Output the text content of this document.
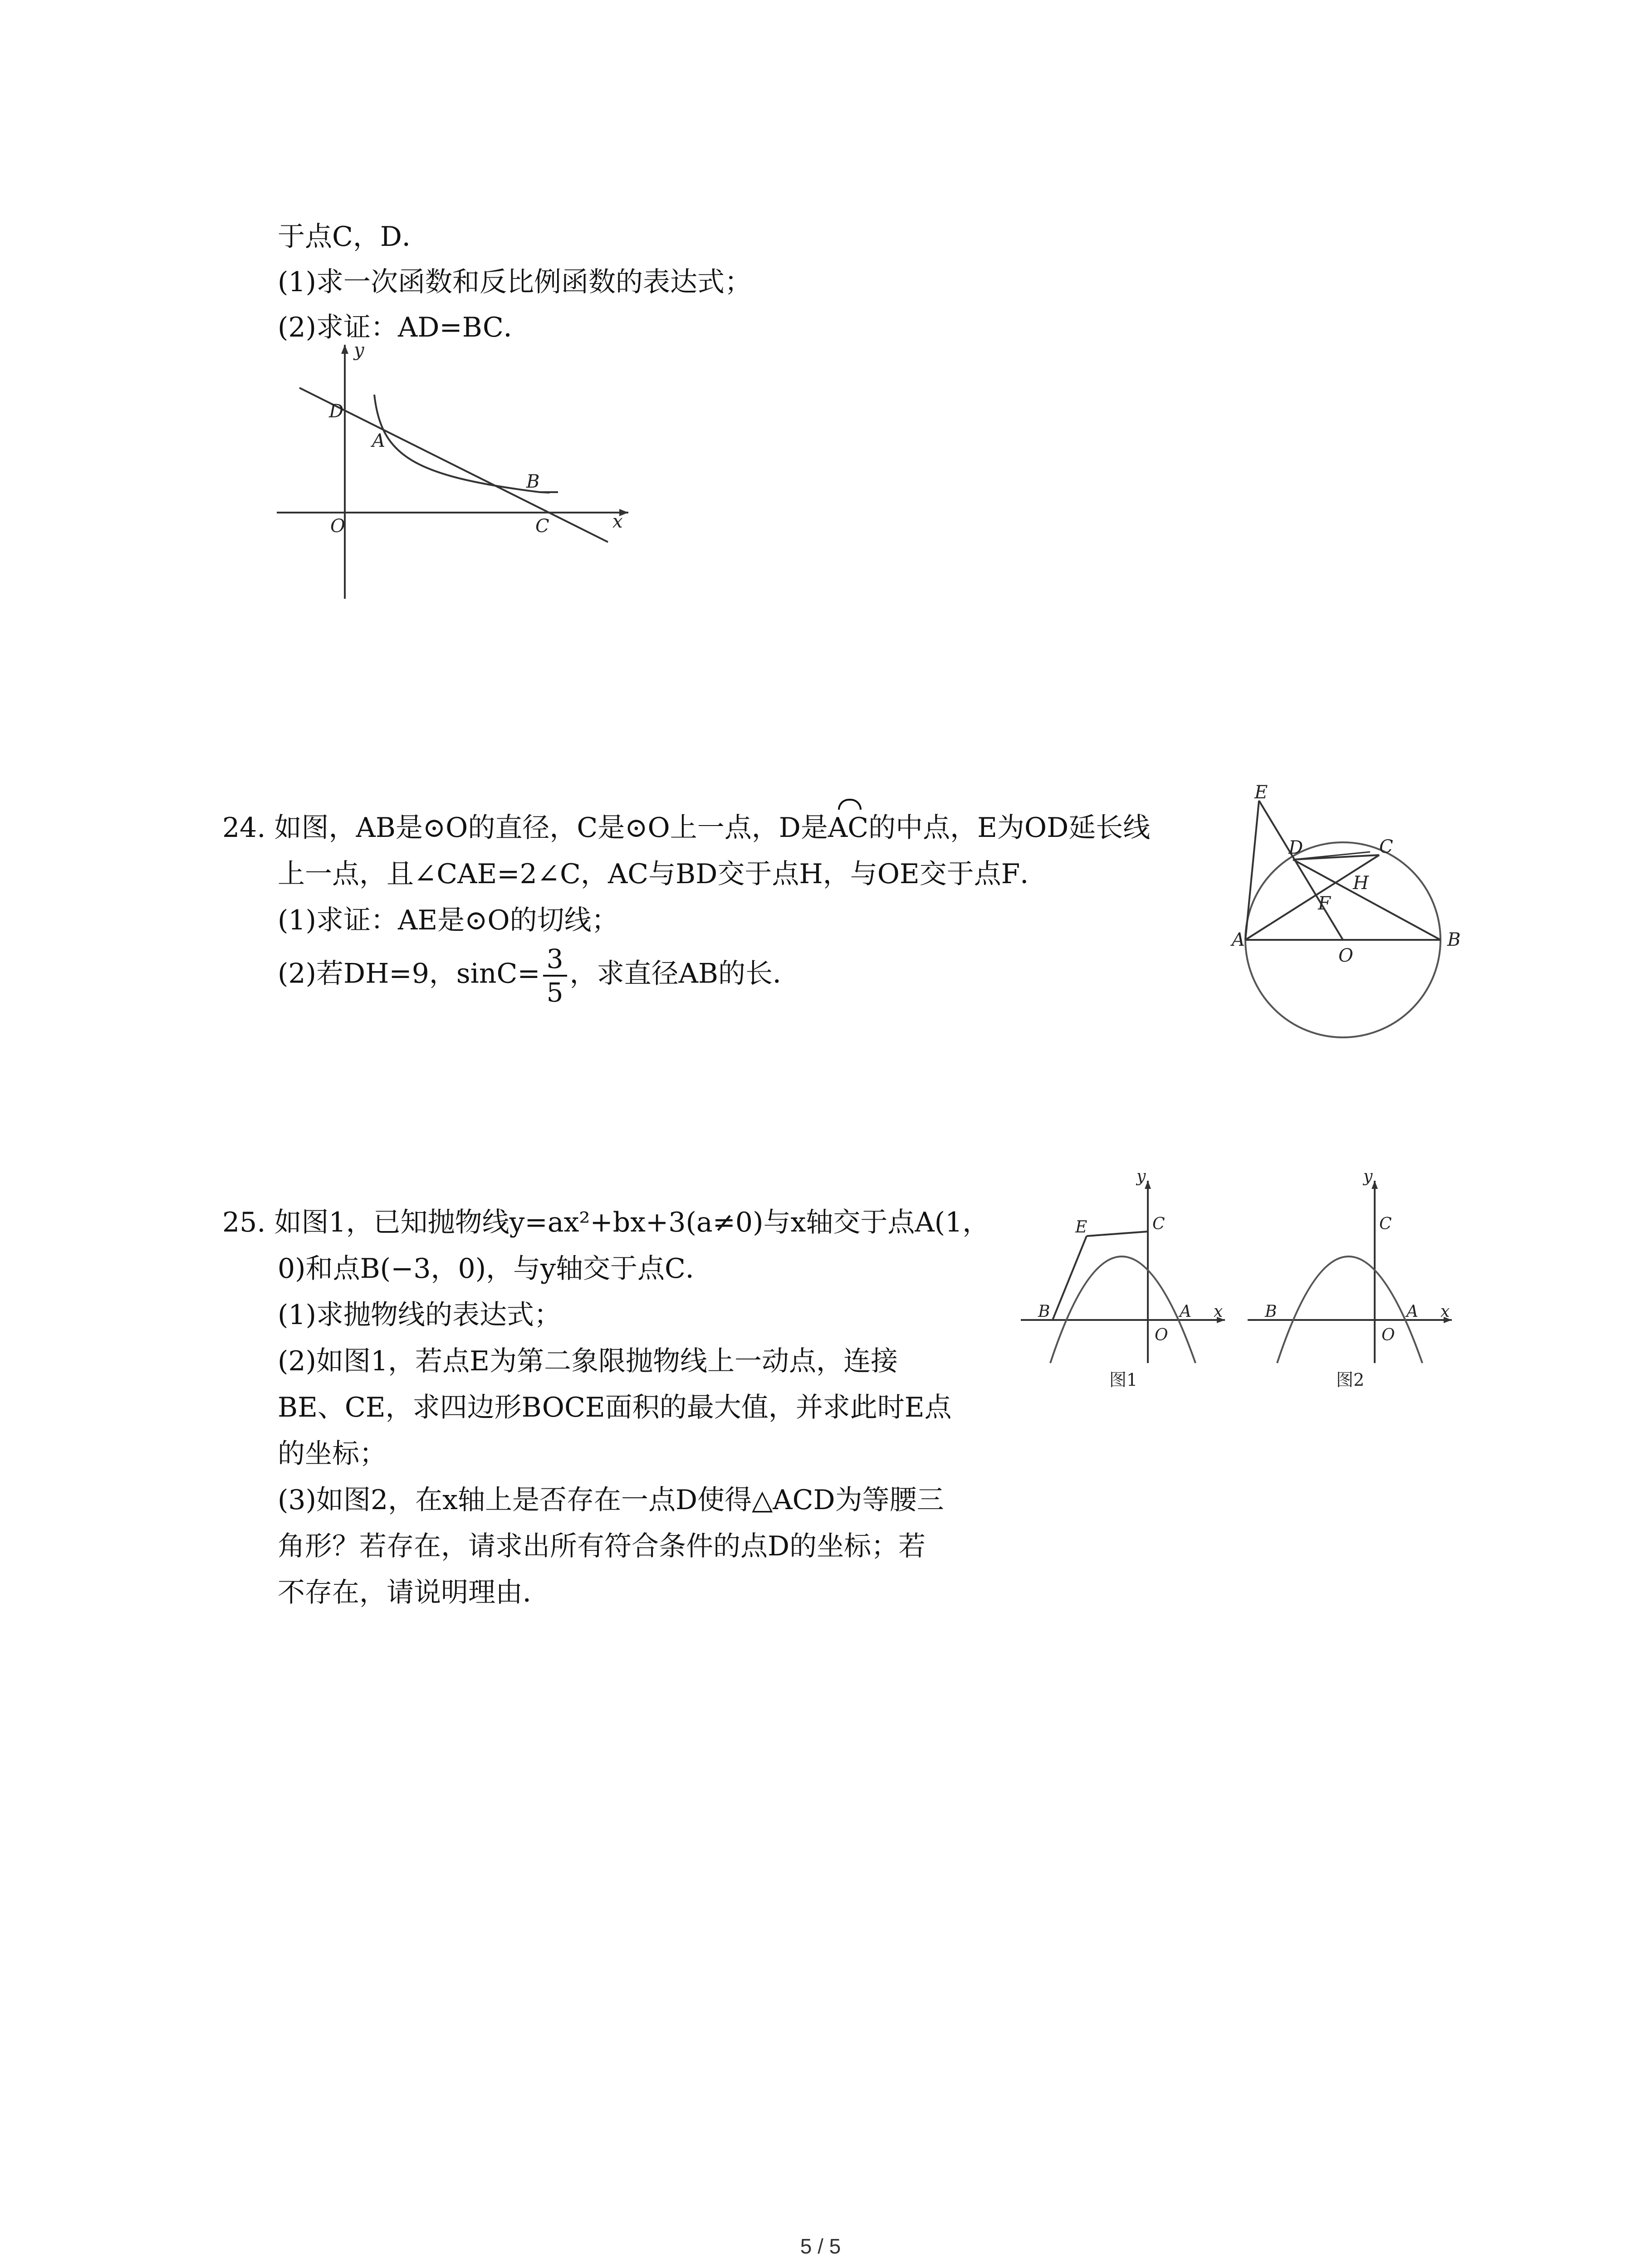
于点C，D．
(1)求一次函数和反比例函数的表达式；
(2)求证：AD=BC．
y
D
A
B
O	C	x
24. 如图，AB是⊙O的直径，C是⊙O上一点，D是AC的中点，E为OD延长线
上一点，且∠CAE=2∠C，AC与BD交于点H，与OE交于点F．
(1)求证：AE是⊙O的切线；
(2)若DH=9，$\sin C= \frac{3}{5}$ ，求直径AB的长．
E
D	C
H
F
A
O
B
25. 如图1，已知抛物线y=ax²+bx+3(a≠0)与x轴交于点A(1，
0)和点B(−3，0)，与y轴交于点C．
(1)求抛物线的表达式；
(2)如图1，若点E为第二象限抛物线上一动点，连接
BE、CE，求四边形BOCE面积的最大值，并求此时E点
的坐标；
(3)如图2，在x轴上是否存在一点D使得△ACD为等腰三
角形？若存在，请求出所有符合条件的点D的坐标；若
不存在，请说明理由．
y
E	C
B	A x
O
图1
y
C
B	A x
O
图2
5 / 5
